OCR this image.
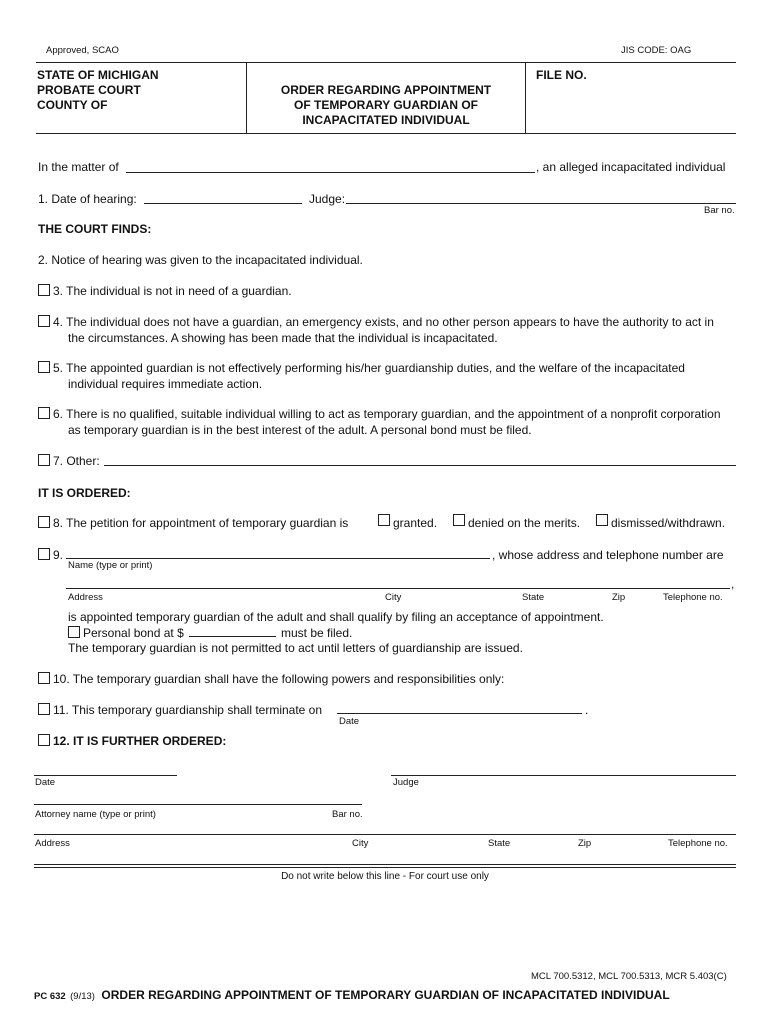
Approved, SCAO	JIS CODE: OAG
STATE OF MICHIGAN
PROBATE COURT
COUNTY OF
ORDER REGARDING APPOINTMENT
OF TEMPORARY GUARDIAN OF
INCAPACITATED INDIVIDUAL
FILE NO.
In the matter of	, an alleged incapacitated individual
1. Date of hearing:	Judge:
Bar no.
THE COURT FINDS:
2. Notice of hearing was given to the incapacitated individual.
3. The individual is not in need of a guardian.
4. The individual does not have a guardian, an emergency exists, and no other person appears to have the authority to act in
the circumstances. A showing has been made that the individual is incapacitated.
5. The appointed guardian is not effectively performing his/her guardianship duties, and the welfare of the incapacitated
individual requires immediate action.
6. There is no qualified, suitable individual willing to act as temporary guardian, and the appointment of a nonprofit corporation
as temporary guardian is in the best interest of the adult. A personal bond must be filed.
7. Other:
IT IS ORDERED:
8. The petition for appointment of temporary guardian is	granted.	denied on the merits.	dismissed/withdrawn.
9.	, whose address and telephone number are
Name (type or print)
,
Address	City	State	Zip	Telephone no.
is appointed temporary guardian of the adult and shall qualify by filing an acceptance of appointment.
Personal bond at $	must be filed.
The temporary guardian is not permitted to act until letters of guardianship are issued.
10. The temporary guardian shall have the following powers and responsibilities only:
11. This temporary guardianship shall terminate on	.
Date
12. IT IS FURTHER ORDERED:
Date	Judge
Attorney name (type or print)	Bar no.
Address	City	State	Zip	Telephone no.
Do not write below this line - For court use only
MCL 700.5312, MCL 700.5313, MCR 5.403(C)
PC 632 (9/13) ORDER REGARDING APPOINTMENT OF TEMPORARY GUARDIAN OF INCAPACITATED INDIVIDUAL
